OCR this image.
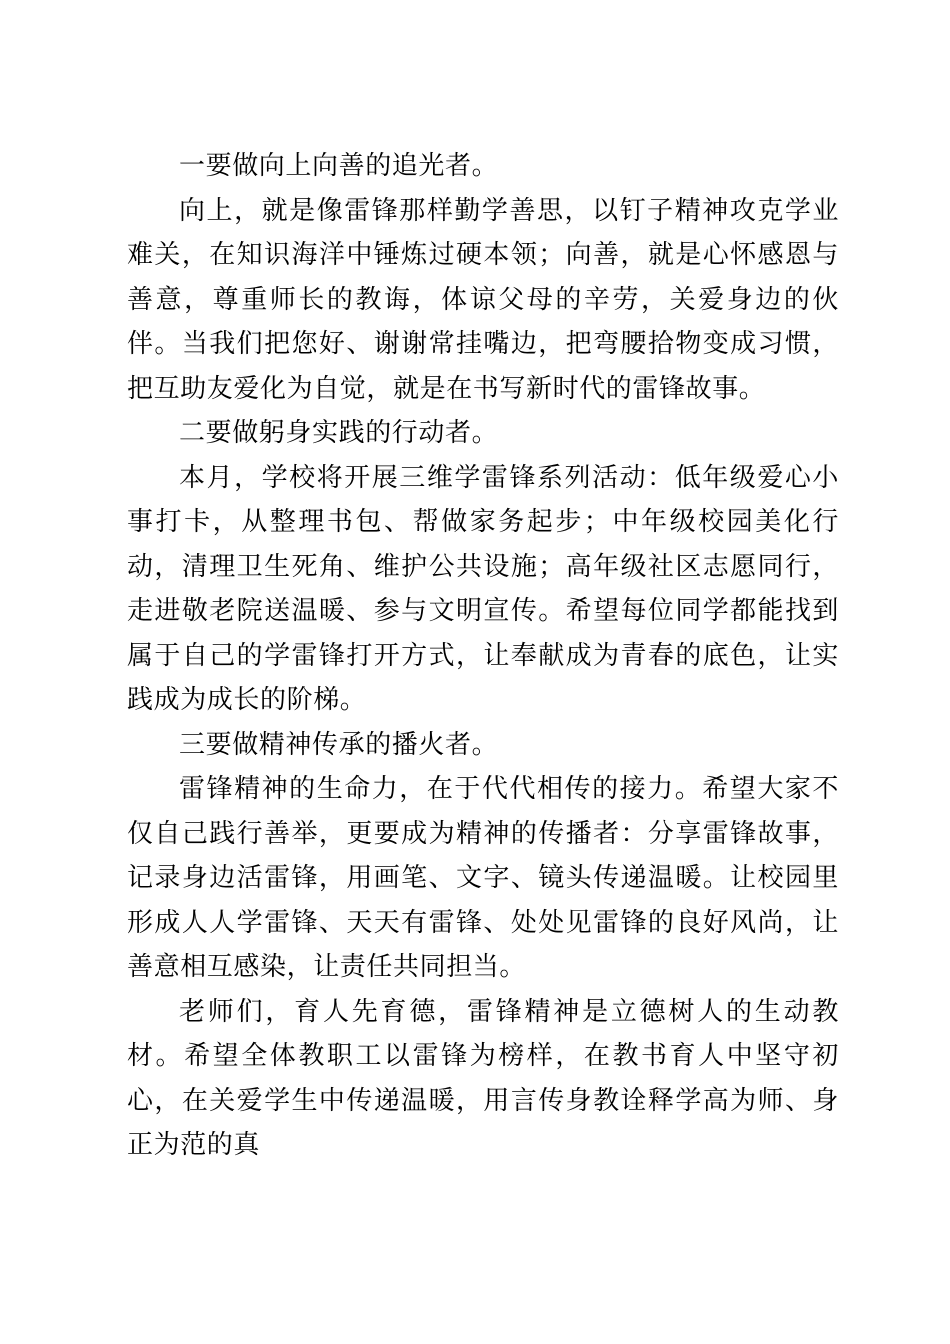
一要做向上向善的追光者。

向上，就是像雷锋那样勤学善思，以钉子精神攻克学业难关，在知识海洋中锤炼过硬本领；向善，就是心怀感恩与善意，尊重师长的教诲，体谅父母的辛劳，关爱身边的伙伴。当我们把您好、谢谢常挂嘴边，把弯腰拾物变成习惯，把互助友爱化为自觉，就是在书写新时代的雷锋故事。

二要做躬身实践的行动者。

本月，学校将开展三维学雷锋系列活动：低年级爱心小事打卡，从整理书包、帮做家务起步；中年级校园美化行动，清理卫生死角、维护公共设施；高年级社区志愿同行，走进敬老院送温暖、参与文明宣传。希望每位同学都能找到属于自己的学雷锋打开方式，让奉献成为青春的底色，让实践成为成长的阶梯。

三要做精神传承的播火者。

雷锋精神的生命力，在于代代相传的接力。希望大家不仅自己践行善举，更要成为精神的传播者：分享雷锋故事，记录身边活雷锋，用画笔、文字、镜头传递温暖。让校园里形成人人学雷锋、天天有雷锋、处处见雷锋的良好风尚，让善意相互感染，让责任共同担当。

老师们，育人先育德，雷锋精神是立德树人的生动教材。希望全体教职工以雷锋为榜样，在教书育人中坚守初心，在关爱学生中传递温暖，用言传身教诠释学高为师、身正为范的真
